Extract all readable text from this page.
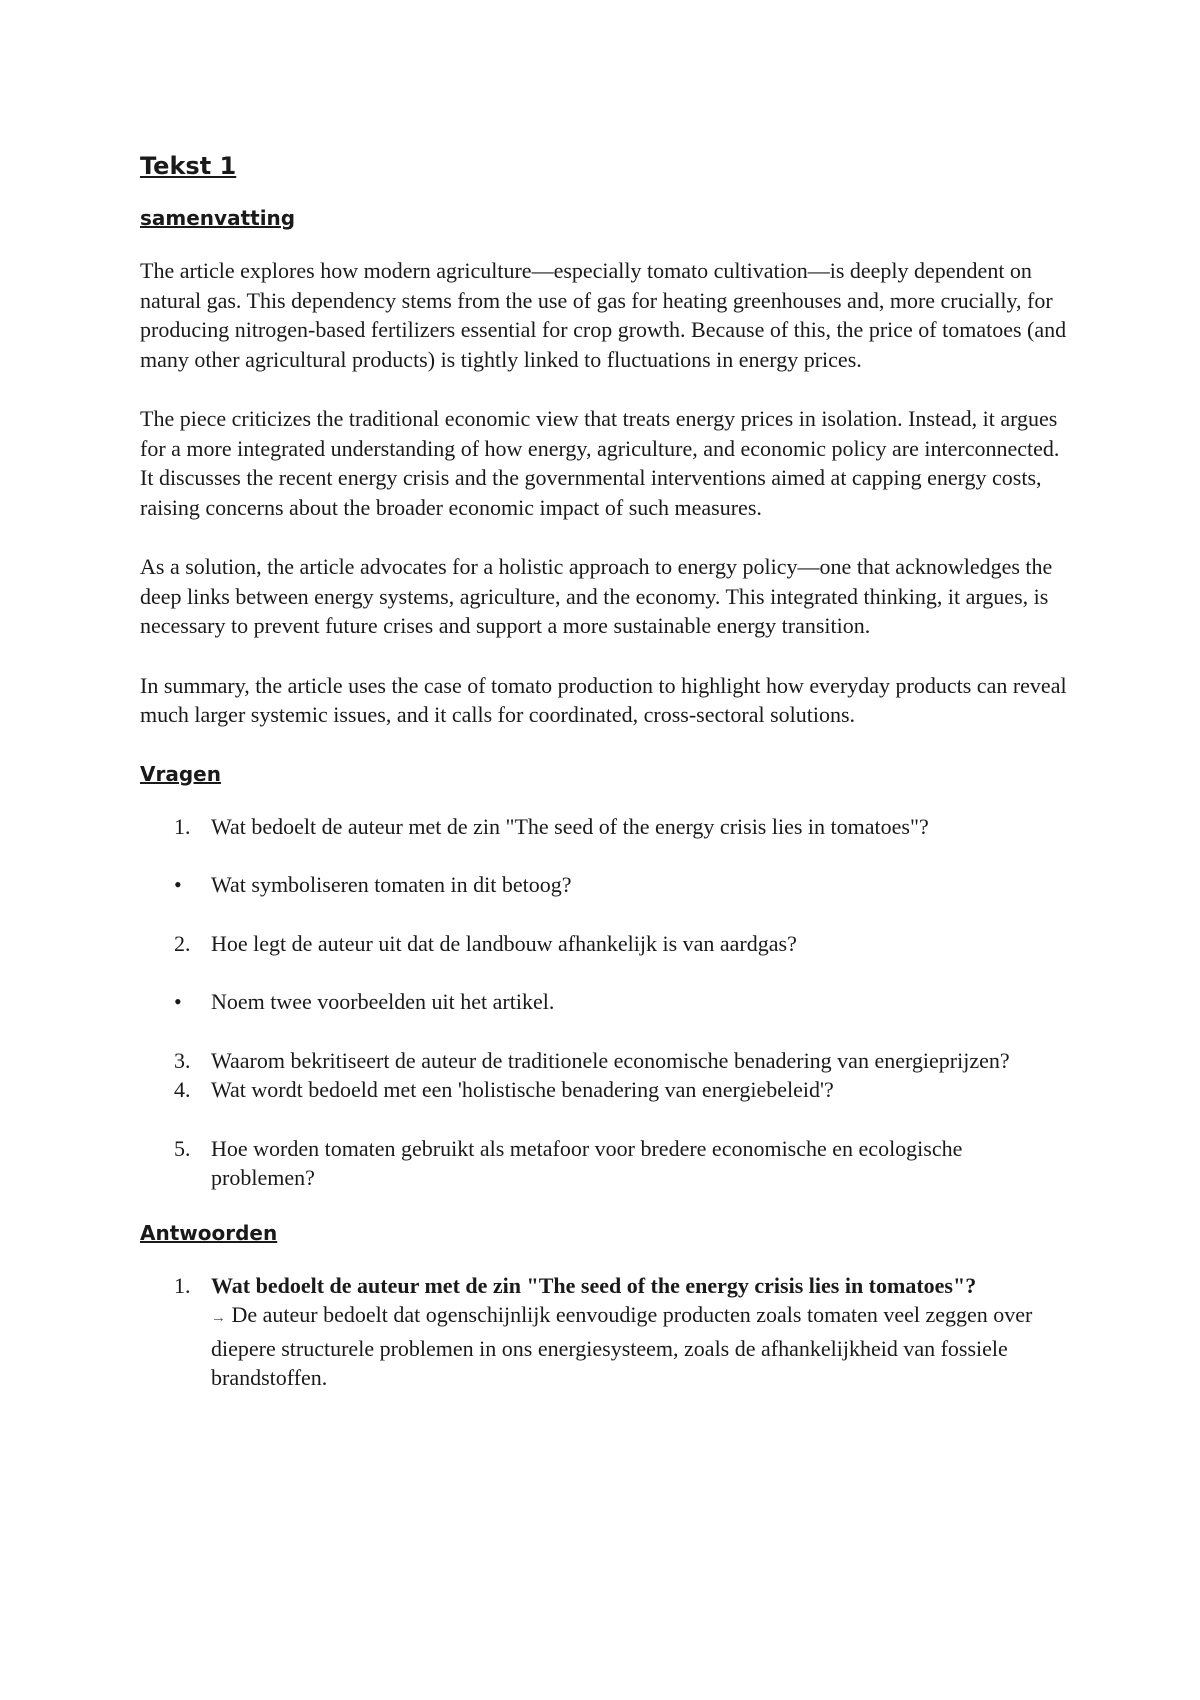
Tekst 1
samenvatting

The article explores how modern agriculture—especially tomato cultivation—is deeply dependent on natural gas. This dependency stems from the use of gas for heating greenhouses and, more crucially, for producing nitrogen-based fertilizers essential for crop growth. Because of this, the price of tomatoes (and many other agricultural products) is tightly linked to fluctuations in energy prices.

The piece criticizes the traditional economic view that treats energy prices in isolation. Instead, it argues for a more integrated understanding of how energy, agriculture, and economic policy are interconnected. It discusses the recent energy crisis and the governmental interventions aimed at capping energy costs, raising concerns about the broader economic impact of such measures.

As a solution, the article advocates for a holistic approach to energy policy—one that acknowledges the deep links between energy systems, agriculture, and the economy. This integrated thinking, it argues, is necessary to prevent future crises and support a more sustainable energy transition.

In summary, the article uses the case of tomato production to highlight how everyday products can reveal much larger systemic issues, and it calls for coordinated, cross-sectoral solutions.

Vragen
1. Wat bedoelt de auteur met de zin "The seed of the energy crisis lies in tomatoes"?
• Wat symboliseren tomaten in dit betoog?
2. Hoe legt de auteur uit dat de landbouw afhankelijk is van aardgas?
• Noem twee voorbeelden uit het artikel.
3. Waarom bekritiseert de auteur de traditionele economische benadering van energieprijzen?
4. Wat wordt bedoeld met een 'holistische benadering van energiebeleid'?
5. Hoe worden tomaten gebruikt als metafoor voor bredere economische en ecologische problemen?
Antwoorden
1. Wat bedoelt de auteur met de zin "The seed of the energy crisis lies in tomatoes"?
→ De auteur bedoelt dat ogenschijnlijk eenvoudige producten zoals tomaten veel zeggen over diepere structurele problemen in ons energiesysteem, zoals de afhankelijkheid van fossiele brandstoffen.
